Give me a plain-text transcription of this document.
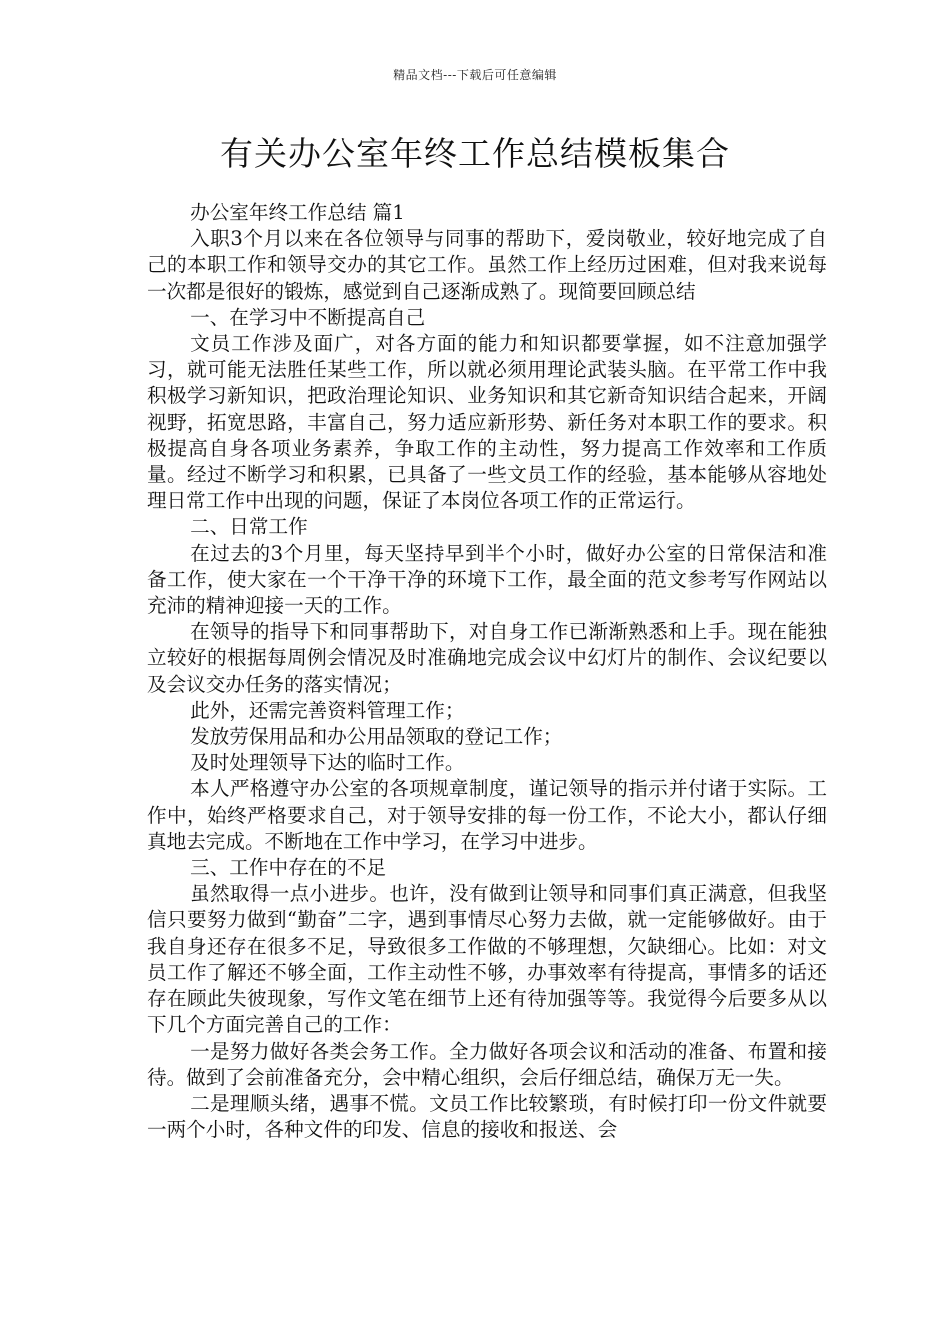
精品文档---下载后可任意编辑
有关办公室年终工作总结模板集合

办公室年终工作总结 篇1

入职3个月以来在各位领导与同事的帮助下，爱岗敬业，较好地完成了自己的本职工作和领导交办的其它工作。虽然工作上经历过困难，但对我来说每一次都是很好的锻炼，感觉到自己逐渐成熟了。现简要回顾总结

一、在学习中不断提高自己

文员工作涉及面广，对各方面的能力和知识都要掌握，如不注意加强学习，就可能无法胜任某些工作，所以就必须用理论武装头脑。在平常工作中我积极学习新知识，把政治理论知识、业务知识和其它新奇知识结合起来，开阔视野，拓宽思路，丰富自己，努力适应新形势、新任务对本职工作的要求。积极提高自身各项业务素养，争取工作的主动性，努力提高工作效率和工作质量。经过不断学习和积累，已具备了一些文员工作的经验，基本能够从容地处理日常工作中出现的问题，保证了本岗位各项工作的正常运行。

二、日常工作

在过去的3个月里，每天坚持早到半个小时，做好办公室的日常保洁和准备工作，使大家在一个干净干净的环境下工作，最全面的范文参考写作网站以充沛的精神迎接一天的工作。

在领导的指导下和同事帮助下，对自身工作已渐渐熟悉和上手。现在能独立较好的根据每周例会情况及时准确地完成会议中幻灯片的制作、会议纪要以及会议交办任务的落实情况；

此外，还需完善资料管理工作；

发放劳保用品和办公用品领取的登记工作；

及时处理领导下达的临时工作。

本人严格遵守办公室的各项规章制度，谨记领导的指示并付诸于实际。工作中，始终严格要求自己，对于领导安排的每一份工作，不论大小，都认仔细真地去完成。不断地在工作中学习，在学习中进步。

三、工作中存在的不足

虽然取得一点小进步。也许，没有做到让领导和同事们真正满意，但我坚信只要努力做到“勤奋”二字，遇到事情尽心努力去做，就一定能够做好。由于我自身还存在很多不足，导致很多工作做的不够理想，欠缺细心。比如：对文员工作了解还不够全面，工作主动性不够，办事效率有待提高，事情多的话还存在顾此失彼现象，写作文笔在细节上还有待加强等等。我觉得今后要多从以下几个方面完善自己的工作：

一是努力做好各类会务工作。全力做好各项会议和活动的准备、布置和接待。做到了会前准备充分，会中精心组织，会后仔细总结，确保万无一失。

二是理顺头绪，遇事不慌。文员工作比较繁琐，有时候打印一份文件就要一两个小时，各种文件的印发、信息的接收和报送、会
